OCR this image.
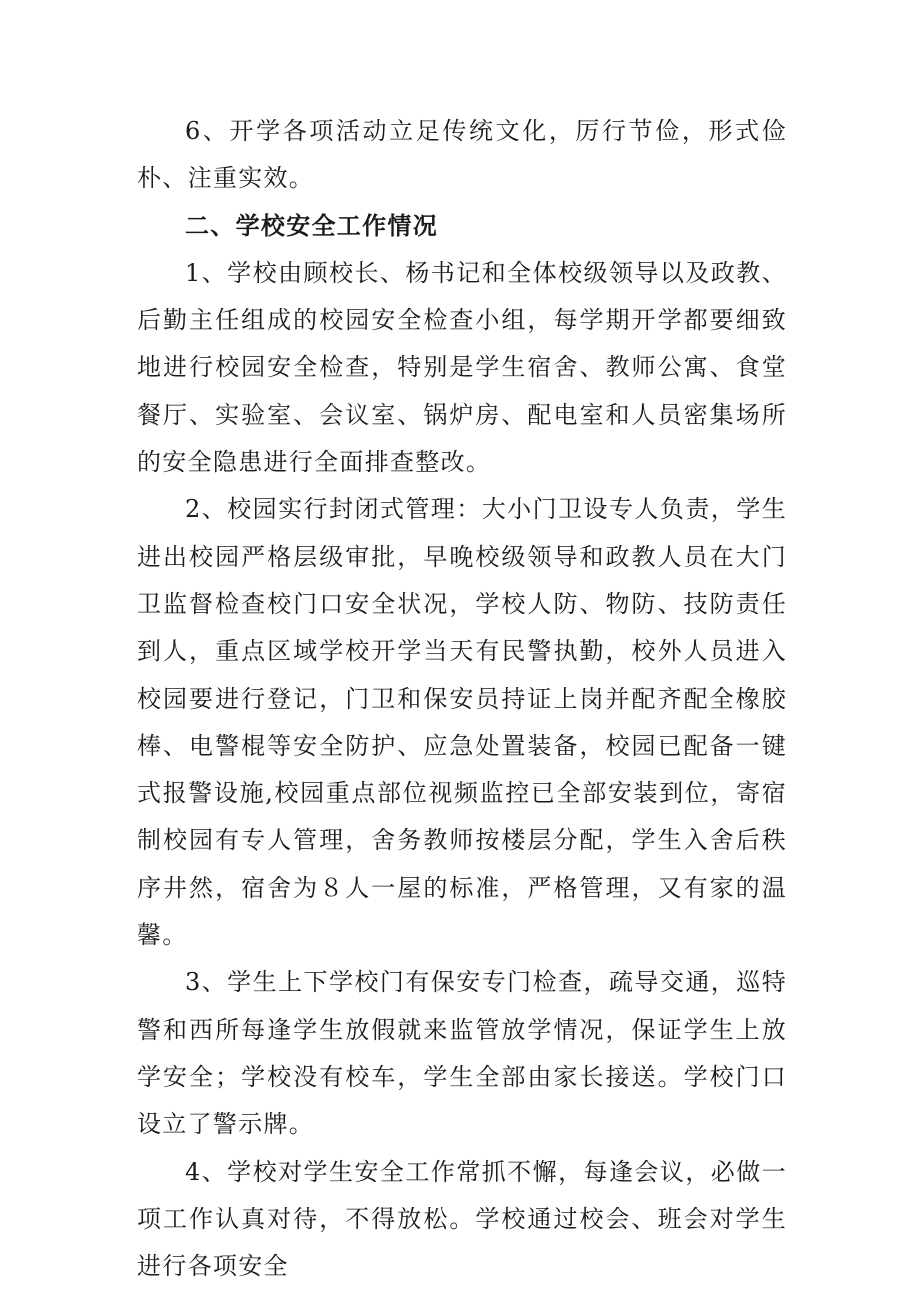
6、开学各项活动立足传统文化，厉行节俭，形式俭朴、注重实效。

二、学校安全工作情况

1、学校由顾校长、杨书记和全体校级领导以及政教、后勤主任组成的校园安全检查小组，每学期开学都要细致地进行校园安全检查，特别是学生宿舍、教师公寓、食堂餐厅、实验室、会议室、锅炉房、配电室和人员密集场所的安全隐患进行全面排查整改。

2、校园实行封闭式管理：大小门卫设专人负责，学生进出校园严格层级审批，早晚校级领导和政教人员在大门卫监督检查校门口安全状况，学校人防、物防、技防责任到人，重点区域学校开学当天有民警执勤，校外人员进入校园要进行登记，门卫和保安员持证上岗并配齐配全橡胶棒、电警棍等安全防护、应急处置装备，校园已配备一键式报警设施,校园重点部位视频监控已全部安装到位，寄宿制校园有专人管理，舍务教师按楼层分配，学生入舍后秩序井然，宿舍为８人一屋的标准，严格管理，又有家的温馨。

3、学生上下学校门有保安专门检查，疏导交通，巡特警和西所每逢学生放假就来监管放学情况，保证学生上放学安全；学校没有校车，学生全部由家长接送。学校门口设立了警示牌。

4、学校对学生安全工作常抓不懈，每逢会议，必做一项工作认真对待，不得放松。学校通过校会、班会对学生进行各项安全
